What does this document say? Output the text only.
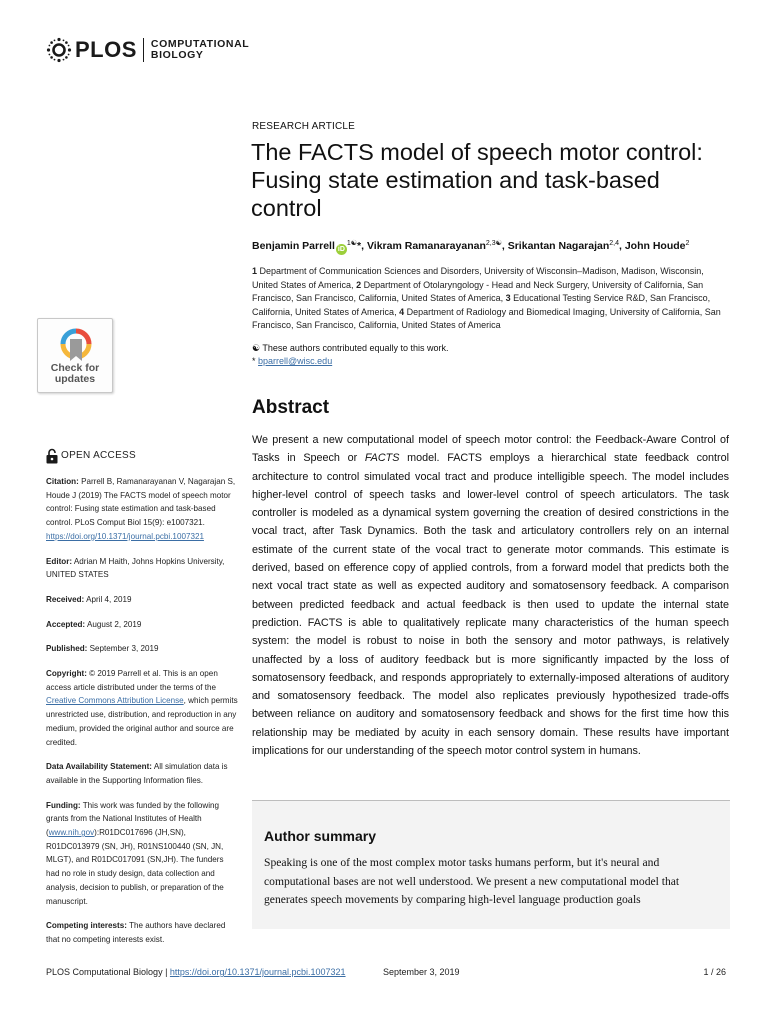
PLOS COMPUTATIONAL
BIOLOGY
RESEARCH ARTICLE
The FACTS model of speech motor control: Fusing state estimation and task-based control
Benjamin Parrell $iD^{1☯}*$, Vikram Ramanarayanan$^{2,3☯}$, Srikantan Nagarajan$^{2,4}$, John Houde$^2$
1 Department of Communication Sciences and Disorders, University of Wisconsin–Madison, Madison, Wisconsin, United States of America, 2 Department of Otolaryngology - Head and Neck Surgery, University of California, San Francisco, San Francisco, California, United States of America, 3 Educational Testing Service R&D, San Francisco, California, United States of America, 4 Department of Radiology and Biomedical Imaging, University of California, San Francisco, San Francisco, California, United States of America
☯ These authors contributed equally to this work.
* bparrell@wisc.edu
Check for
updates
Abstract

We present a new computational model of speech motor control: the Feedback-Aware Control of Tasks in Speech or FACTS model. FACTS employs a hierarchical state feedback control architecture to control simulated vocal tract and produce intelligible speech. The model includes higher-level control of speech tasks and lower-level control of speech articulators. The task controller is modeled as a dynamical system governing the creation of desired constrictions in the vocal tract, after Task Dynamics. Both the task and articulatory controllers rely on an internal estimate of the current state of the vocal tract to generate motor commands. This estimate is derived, based on efference copy of applied controls, from a forward model that predicts both the next vocal tract state as well as expected auditory and somatosensory feedback. A comparison between predicted feedback and actual feedback is then used to update the internal state prediction. FACTS is able to qualitatively replicate many characteristics of the human speech system: the model is robust to noise in both the sensory and motor pathways, is relatively unaffected by a loss of auditory feedback but is more significantly impacted by the loss of somatosensory feedback, and responds appropriately to externally-imposed alterations of auditory and somatosensory feedback. The model also replicates previously hypothesized trade-offs between reliance on auditory and somatosensory feedback and shows for the first time how this relationship may be mediated by acuity in each sensory domain. These results have important implications for our understanding of the speech motor control system in humans.

OPEN ACCESS
Citation: Parrell B, Ramanarayanan V, Nagarajan S, Houde J (2019) The FACTS model of speech motor control: Fusing state estimation and task-based control. PLoS Comput Biol 15(9): e1007321. https://doi.org/10.1371/journal.pcbi.1007321
Editor: Adrian M Haith, Johns Hopkins University, UNITED STATES
Received: April 4, 2019
Accepted: August 2, 2019
Published: September 3, 2019
Copyright: © 2019 Parrell et al. This is an open access article distributed under the terms of the Creative Commons Attribution License, which permits unrestricted use, distribution, and reproduction in any medium, provided the original author and source are credited.
Data Availability Statement: All simulation data is available in the Supporting Information files.
Funding: This work was funded by the following grants from the National Institutes of Health (www.nih.gov):R01DC017696 (JH,SN), R01DC013979 (SN, JH), R01NS100440 (SN, JN, MLGT), and R01DC017091 (SN,JH). The funders had no role in study design, data collection and analysis, decision to publish, or preparation of the manuscript.
Competing interests: The authors have declared that no competing interests exist.
Author summary

Speaking is one of the most complex motor tasks humans perform, but it's neural and computational bases are not well understood. We present a new computational model that generates speech movements by comparing high-level language production goals

PLOS Computational Biology | https://doi.org/10.1371/journal.pcbi.1007321	September 3, 2019	1 / 26
